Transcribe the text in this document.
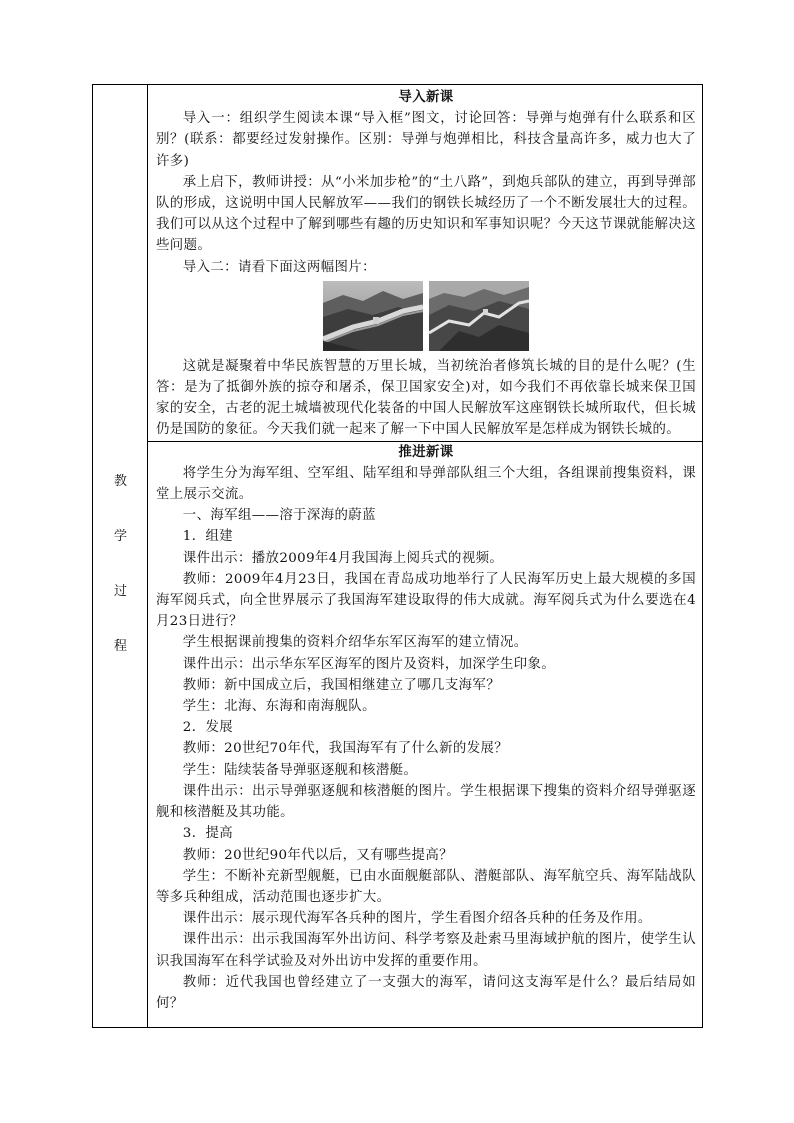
教
学
过
程

导入新课

导入一：组织学生阅读本课“导入框”图文，讨论回答：导弹与炮弹有什么联系和区别？(联系：都要经过发射操作。区别：导弹与炮弹相比，科技含量高许多，威力也大了许多)

承上启下，教师讲授：从“小米加步枪”的“土八路”，到炮兵部队的建立，再到导弹部队的形成，这说明中国人民解放军——我们的钢铁长城经历了一个不断发展壮大的过程。我们可以从这个过程中了解到哪些有趣的历史知识和军事知识呢？今天这节课就能解决这些问题。

导入二：请看下面这两幅图片：

这就是凝聚着中华民族智慧的万里长城，当初统治者修筑长城的目的是什么呢？(生答：是为了抵御外族的掠夺和屠杀，保卫国家安全)对，如今我们不再依靠长城来保卫国家的安全，古老的泥土城墙被现代化装备的中国人民解放军这座钢铁长城所取代，但长城仍是国防的象征。今天我们就一起来了解一下中国人民解放军是怎样成为钢铁长城的。

推进新课

将学生分为海军组、空军组、陆军组和导弹部队组三个大组，各组课前搜集资料，课堂上展示交流。

一、海军组——溶于深海的蔚蓝

1．组建

课件出示：播放2009年4月我国海上阅兵式的视频。

教师：2009年4月23日，我国在青岛成功地举行了人民海军历史上最大规模的多国海军阅兵式，向全世界展示了我国海军建设取得的伟大成就。海军阅兵式为什么要选在4月23日进行？

学生根据课前搜集的资料介绍华东军区海军的建立情况。

课件出示：出示华东军区海军的图片及资料，加深学生印象。

教师：新中国成立后，我国相继建立了哪几支海军？

学生：北海、东海和南海舰队。

2．发展

教师：20世纪70年代，我国海军有了什么新的发展？

学生：陆续装备导弹驱逐舰和核潜艇。

课件出示：出示导弹驱逐舰和核潜艇的图片。学生根据课下搜集的资料介绍导弹驱逐舰和核潜艇及其功能。

3．提高

教师：20世纪90年代以后，又有哪些提高？

学生：不断补充新型舰艇，已由水面舰艇部队、潜艇部队、海军航空兵、海军陆战队等多兵种组成，活动范围也逐步扩大。

课件出示：展示现代海军各兵种的图片，学生看图介绍各兵种的任务及作用。

课件出示：出示我国海军外出访问、科学考察及赴索马里海域护航的图片，使学生认识我国海军在科学试验及对外出访中发挥的重要作用。

教师：近代我国也曾经建立了一支强大的海军，请问这支海军是什么？最后结局如何？
